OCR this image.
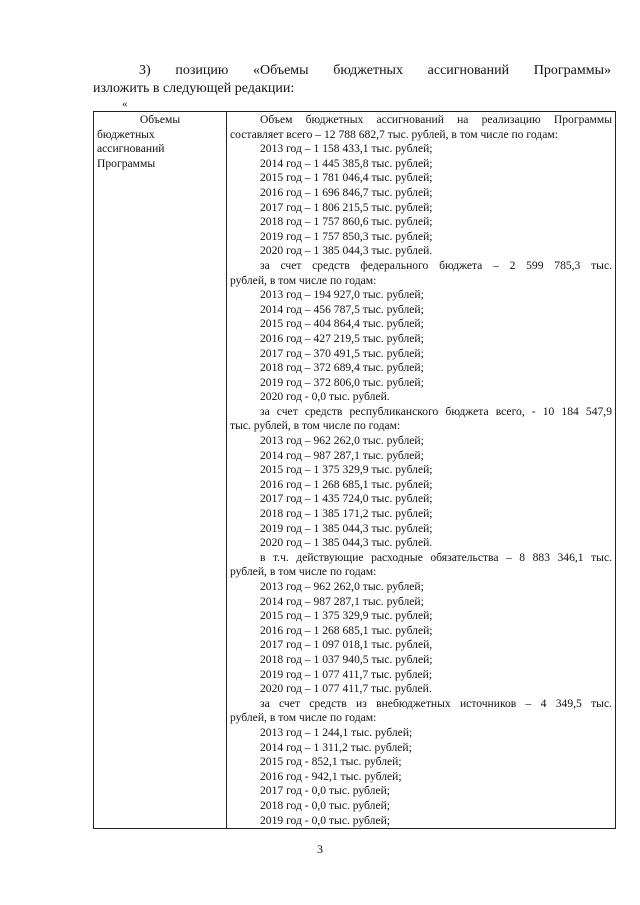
3) позицию «Объемы бюджетных ассигнований Программы»
изложить в следующей редакции:
«
Объемы
бюджетных
ассигнований
Программы

Объем бюджетных ассигнований на реализацию Программы
составляет всего – 12 788 682,7 тыс. рублей, в том числе по годам:
2013 год – 1 158 433,1 тыс. рублей;
2014 год – 1 445 385,8 тыс. рублей;
2015 год – 1 781 046,4 тыс. рублей;
2016 год – 1 696 846,7 тыс. рублей;
2017 год – 1 806 215,5 тыс. рублей;
2018 год – 1 757 860,6 тыс. рублей;
2019 год – 1 757 850,3 тыс. рублей;
2020 год – 1 385 044,3 тыс. рублей.
за счет средств федерального бюджета – 2 599 785,3 тыс.
рублей, в том числе по годам:
2013 год – 194 927,0 тыс. рублей;
2014 год – 456 787,5 тыс. рублей;
2015 год – 404 864,4 тыс. рублей;
2016 год – 427 219,5 тыс. рублей;
2017 год – 370 491,5 тыс. рублей;
2018 год – 372 689,4 тыс. рублей;
2019 год – 372 806,0 тыс. рублей;
2020 год - 0,0 тыс. рублей.
за счет средств республиканского бюджета всего, - 10 184 547,9
тыс. рублей, в том числе по годам:
2013 год – 962 262,0 тыс. рублей;
2014 год – 987 287,1 тыс. рублей;
2015 год – 1 375 329,9 тыс. рублей;
2016 год – 1 268 685,1 тыс. рублей;
2017 год – 1 435 724,0 тыс. рублей;
2018 год – 1 385 171,2 тыс. рублей;
2019 год – 1 385 044,3 тыс. рублей;
2020 год – 1 385 044,3 тыс. рублей.
в т.ч. действующие расходные обязательства – 8 883 346,1 тыс.
рублей, в том числе по годам:
2013 год – 962 262,0 тыс. рублей;
2014 год – 987 287,1 тыс. рублей;
2015 год – 1 375 329,9 тыс. рублей;
2016 год – 1 268 685,1 тыс. рублей;
2017 год – 1 097 018,1 тыс. рублей,
2018 год – 1 037 940,5 тыс. рублей;
2019 год – 1 077 411,7 тыс. рублей;
2020 год – 1 077 411,7 тыс. рублей.
за счет средств из внебюджетных источников – 4 349,5 тыс.
рублей, в том числе по годам:
2013 год – 1 244,1 тыс. рублей;
2014 год – 1 311,2 тыс. рублей;
2015 год - 852,1 тыс. рублей;
2016 год - 942,1 тыс. рублей;
2017 год - 0,0 тыс. рублей;
2018 год - 0,0 тыс. рублей;
2019 год - 0,0 тыс. рублей;
3
